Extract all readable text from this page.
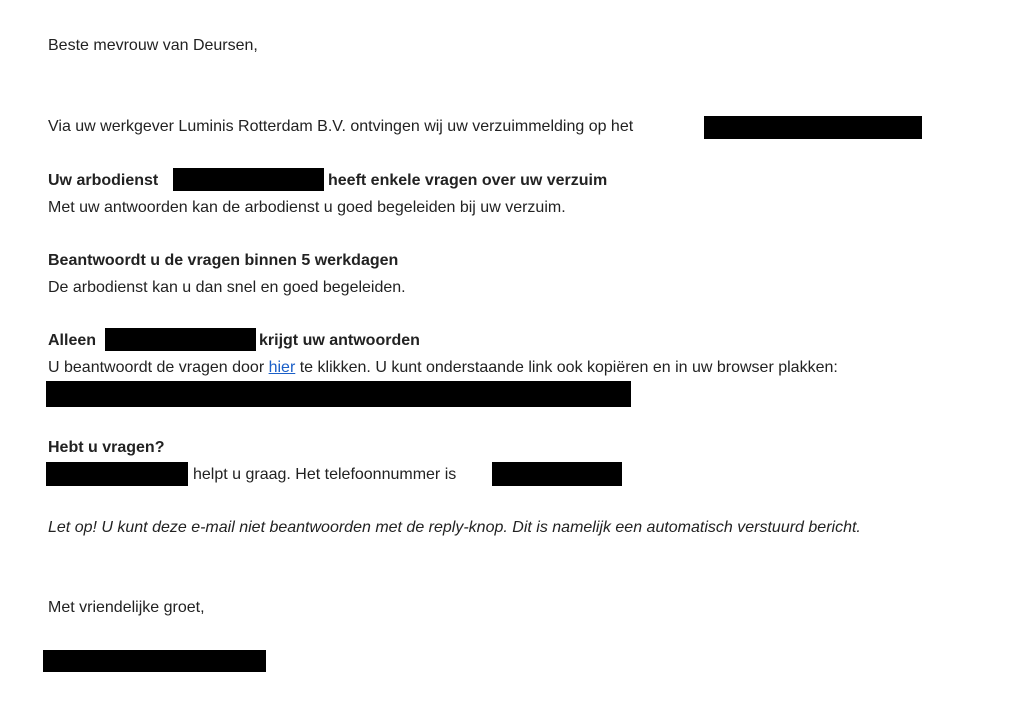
Beste mevrouw van Deursen,
Via uw werkgever Luminis Rotterdam B.V. ontvingen wij uw verzuimmelding op het
Uw arbodienst	heeft enkele vragen over uw verzuim
Met uw antwoorden kan de arbodienst u goed begeleiden bij uw verzuim.
Beantwoordt u de vragen binnen 5 werkdagen
De arbodienst kan u dan snel en goed begeleiden.
Alleen	krijgt uw antwoorden
U beantwoordt de vragen door hier te klikken. U kunt onderstaande link ook kopiëren en in uw browser plakken:
Hebt u vragen?
helpt u graag. Het telefoonnummer is
Let op! U kunt deze e-mail niet beantwoorden met de reply-knop. Dit is namelijk een automatisch verstuurd bericht.
Met vriendelijke groet,
